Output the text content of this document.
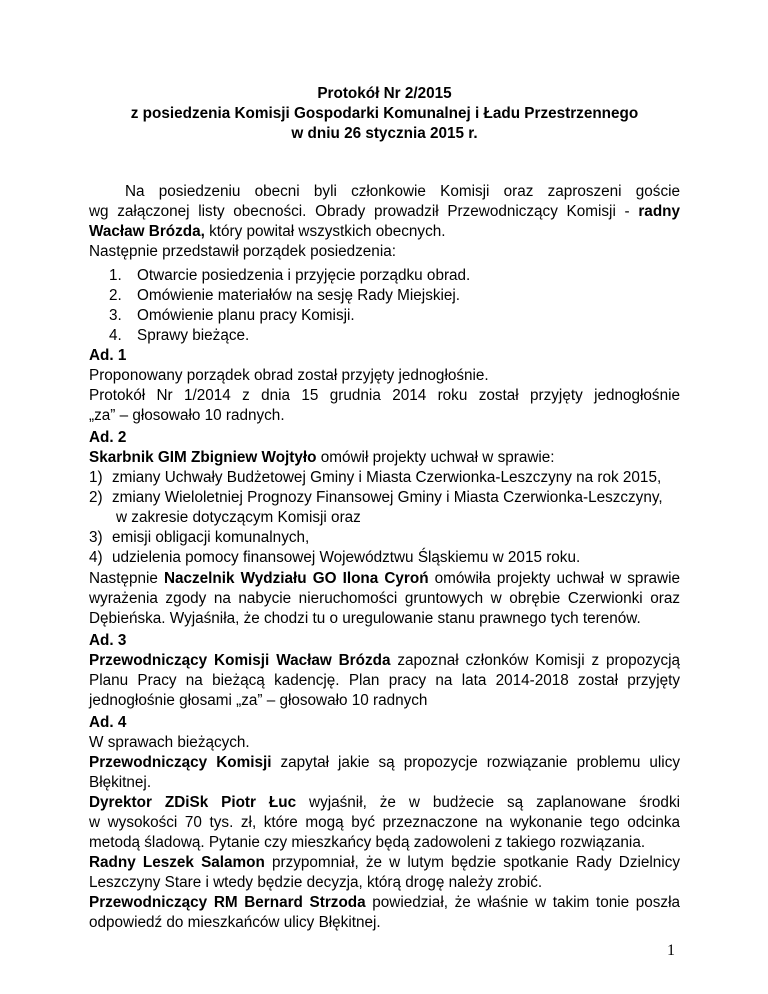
Protokół Nr 2/2015
z posiedzenia Komisji Gospodarki Komunalnej i Ładu Przestrzennego
w dniu 26 stycznia 2015 r.
Na posiedzeniu obecni byli członkowie Komisji oraz zaproszeni goście
wg załączonej listy obecności. Obrady prowadził Przewodniczący Komisji - radny
Wacław Brózda, który powitał wszystkich obecnych.
Następnie przedstawił porządek posiedzenia:
1. Otwarcie posiedzenia i przyjęcie porządku obrad.
2. Omówienie materiałów na sesję Rady Miejskiej.
3. Omówienie planu pracy Komisji.
4. Sprawy bieżące.
Ad. 1
Proponowany porządek obrad został przyjęty jednogłośnie.
Protokół Nr 1/2014 z dnia 15 grudnia 2014 roku został przyjęty jednogłośnie
„za” – głosowało 10 radnych.
Ad. 2
Skarbnik GIM Zbigniew Wojtyło omówił projekty uchwał w sprawie:
1) zmiany Uchwały Budżetowej Gminy i Miasta Czerwionka-Leszczyny na rok 2015,
2) zmiany Wieloletniej Prognozy Finansowej Gminy i Miasta Czerwionka-Leszczyny,
w zakresie dotyczącym Komisji oraz
3) emisji obligacji komunalnych,
4) udzielenia pomocy finansowej Województwu Śląskiemu w 2015 roku.
Następnie Naczelnik Wydziału GO Ilona Cyroń omówiła projekty uchwał w sprawie
wyrażenia zgody na nabycie nieruchomości gruntowych w obrębie Czerwionki oraz
Dębieńska. Wyjaśniła, że chodzi tu o uregulowanie stanu prawnego tych terenów.
Ad. 3
Przewodniczący Komisji Wacław Brózda zapoznał członków Komisji z propozycją
Planu Pracy na bieżącą kadencję. Plan pracy na lata 2014-2018 został przyjęty
jednogłośnie głosami „za” – głosowało 10 radnych
Ad. 4
W sprawach bieżących.
Przewodniczący Komisji zapytał jakie są propozycje rozwiązanie problemu ulicy
Błękitnej.
Dyrektor ZDiSk Piotr Łuc wyjaśnił, że w budżecie są zaplanowane środki
w wysokości 70 tys. zł, które mogą być przeznaczone na wykonanie tego odcinka
metodą śladową. Pytanie czy mieszkańcy będą zadowoleni z takiego rozwiązania.
Radny Leszek Salamon przypomniał, że w lutym będzie spotkanie Rady Dzielnicy
Leszczyny Stare i wtedy będzie decyzja, którą drogę należy zrobić.
Przewodniczący RM Bernard Strzoda powiedział, że właśnie w takim tonie poszła
odpowiedź do mieszkańców ulicy Błękitnej.
1
